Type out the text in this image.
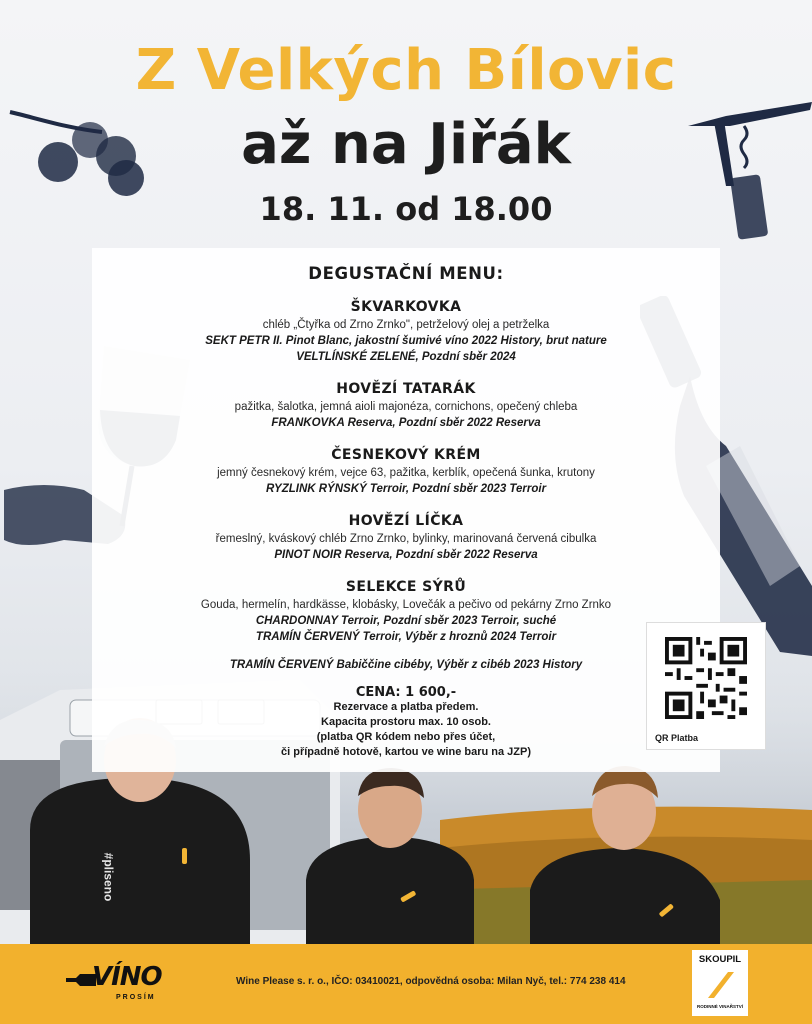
Z Velkých Bílovic
až na Jiřák
18. 11. od 18.00
#pliseno
DEGUSTAČNÍ MENU:
ŠKVARKOVKA
chléb „Čtyřka od Zrno Zrnko", petrželový olej a petrželka
SEKT PETR II. Pinot Blanc, jakostní šumivé víno 2022 History, brut nature
VELTLÍNSKÉ ZELENÉ, Pozdní sběr 2024
HOVĚZÍ TATARÁK
pažitka, šalotka, jemná aioli majonéza, cornichons, opečený chleba
FRANKOVKA Reserva, Pozdní sběr 2022 Reserva
ČESNEKOVÝ KRÉM
jemný česnekový krém, vejce 63, pažitka, kerblík, opečená šunka, krutony
RYZLINK RÝNSKÝ Terroir, Pozdní sběr 2023 Terroir
HOVĚZÍ LÍČKA
řemeslný, kváskový chléb Zrno Zrnko, bylinky, marinovaná červená cibulka
PINOT NOIR Reserva, Pozdní sběr 2022 Reserva
SELEKCE SÝRŮ
Gouda, hermelín, hardkässe, klobásky, Lovečák a pečivo od pekárny Zrno Zrnko
CHARDONNAY Terroir, Pozdní sběr 2023 Terroir, suché
TRAMÍN ČERVENÝ Terroir, Výběr z hroznů 2024 Terroir
TRAMÍN ČERVENÝ Babiččine cibéby, Výběr z cibéb 2023 History
CENA: 1 600,-
Rezervace a platba předem.
Kapacita prostoru max. 10 osob.
(platba QR kódem nebo přes účet,
či případně hotově, kartou ve wine baru na JZP)
QR Platba
VÍNO
PROSÍM
Wine Please s. r. o., IČO: 03410021, odpovědná osoba: Milan Nyč, tel.: 774 238 414
SKOUPIL
RODINNÉ VINAŘSTVÍ
